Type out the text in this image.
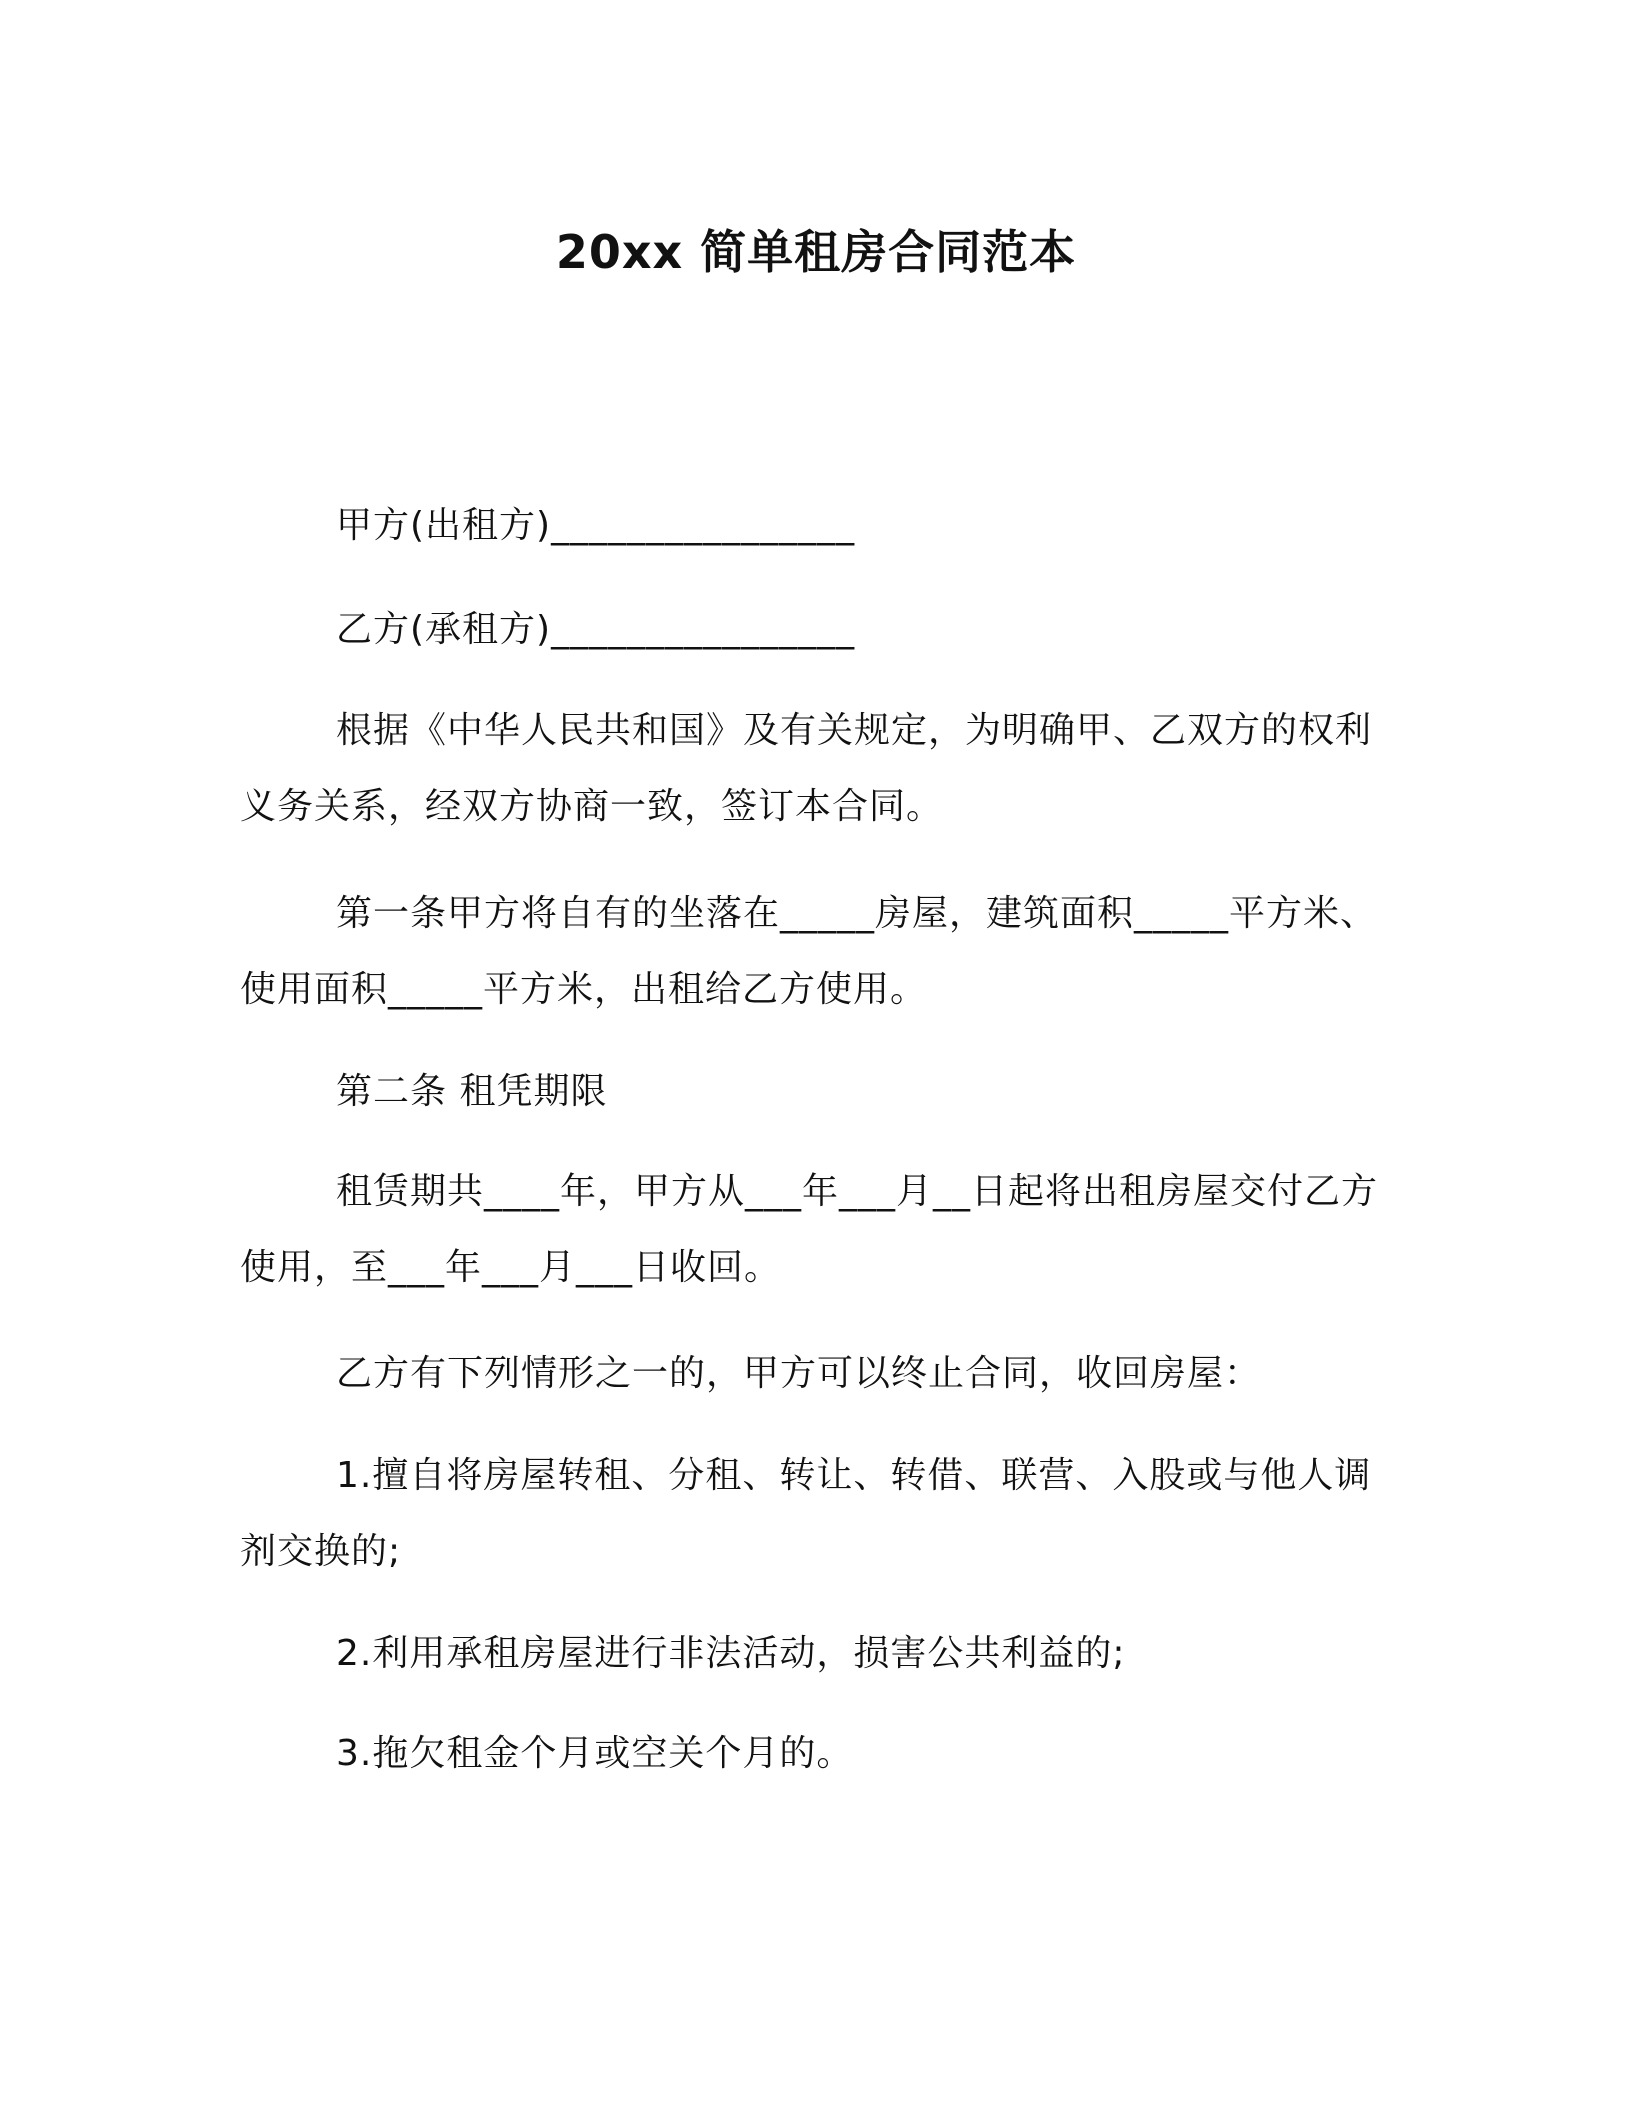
20xx 简单租房合同范本
甲方(出租方)________________
乙方(承租方)________________
根据《中华人民共和国》及有关规定，为明确甲、乙双方的权利义务关系，经双方协商一致，签订本合同。
第一条甲方将自有的坐落在_____房屋，建筑面积_____平方米、使用面积_____平方米，出租给乙方使用。
第二条 租凭期限
租赁期共____年，甲方从___年___月__日起将出租房屋交付乙方使用，至___年___月___日收回。
乙方有下列情形之一的，甲方可以终止合同，收回房屋：
1.擅自将房屋转租、分租、转让、转借、联营、入股或与他人调剂交换的;
2.利用承租房屋进行非法活动，损害公共利益的;
3.拖欠租金个月或空关个月的。
